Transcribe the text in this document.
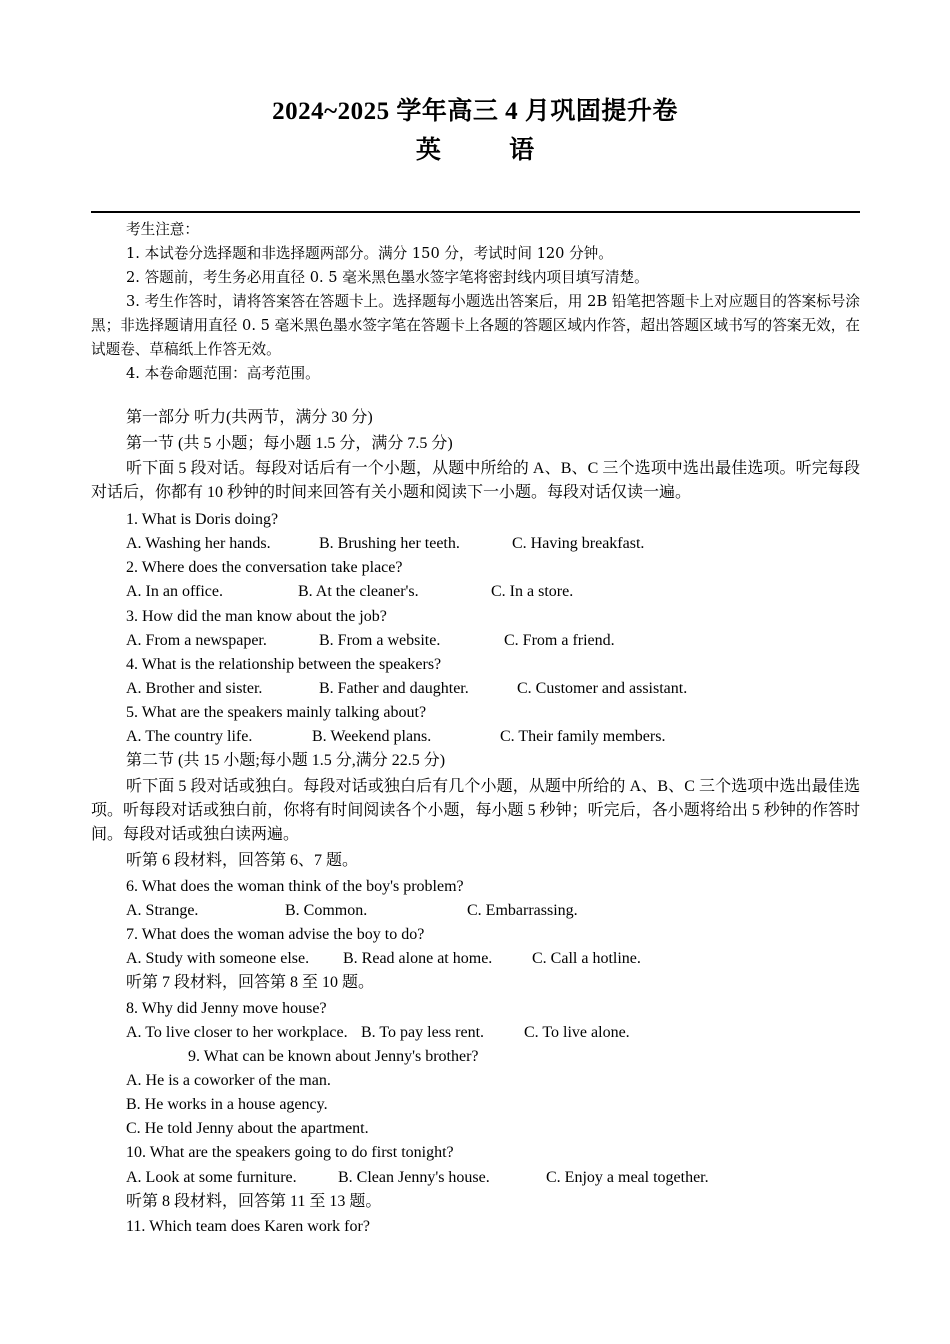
2024~2025 学年高三 4 月巩固提升卷
英 语
考生注意：
1. 本试卷分选择题和非选择题两部分。满分 150 分，考试时间 120 分钟。
2. 答题前，考生务必用直径 0. 5 毫米黑色墨水签字笔将密封线内项目填写清楚。
3. 考生作答时，请将答案答在答题卡上。选择题每小题选出答案后，用 2B 铅笔把答题卡上对应题目的答案标号涂黑；非选择题请用直径 0. 5 毫米黑色墨水签字笔在答题卡上各题的答题区域内作答，超出答题区域书写的答案无效，在试题卷、草稿纸上作答无效。
4. 本卷命题范围：高考范围。
第一部分 听力(共两节，满分 30 分)
第一节 (共 5 小题；每小题 1.5 分，满分 7.5 分)
听下面 5 段对话。每段对话后有一个小题，从题中所给的 A、B、C 三个选项中选出最佳选项。听完每段对话后，你都有 10 秒钟的时间来回答有关小题和阅读下一小题。每段对话仅读一遍。
1. What is Doris doing?
A. Washing her hands.	B. Brushing her teeth.	C. Having breakfast.
2. Where does the conversation take place?
A. In an office.	B. At the cleaner's.	C. In a store.
3. How did the man know about the job?
A. From a newspaper.	B. From a website.	C. From a friend.
4. What is the relationship between the speakers?
A. Brother and sister.	B. Father and daughter.	C. Customer and assistant.
5. What are the speakers mainly talking about?
A. The country life.	B. Weekend plans.	C. Their family members.
第二节 (共 15 小题;每小题 1.5 分,满分 22.5 分)
听下面 5 段对话或独白。每段对话或独白后有几个小题，从题中所给的 A、B、C 三个选项中选出最佳选项。听每段对话或独白前，你将有时间阅读各个小题，每小题 5 秒钟；听完后，各小题将给出 5 秒钟的作答时间。每段对话或独白读两遍。
听第 6 段材料，回答第 6、7 题。
6. What does the woman think of the boy's problem?
A. Strange.	B. Common.	C. Embarrassing.
7. What does the woman advise the boy to do?
A. Study with someone else. B. Read alone at home. C. Call a hotline.
听第 7 段材料，回答第 8 至 10 题。
8. Why did Jenny move house?
A. To live closer to her workplace. B. To pay less rent. C. To live alone.
9. What can be known about Jenny's brother?
A. He is a coworker of the man.
B. He works in a house agency.
C. He told Jenny about the apartment.
10. What are the speakers going to do first tonight?
A. Look at some furniture.	B. Clean Jenny's house.	C. Enjoy a meal together.
听第 8 段材料，回答第 11 至 13 题。
11. Which team does Karen work for?
